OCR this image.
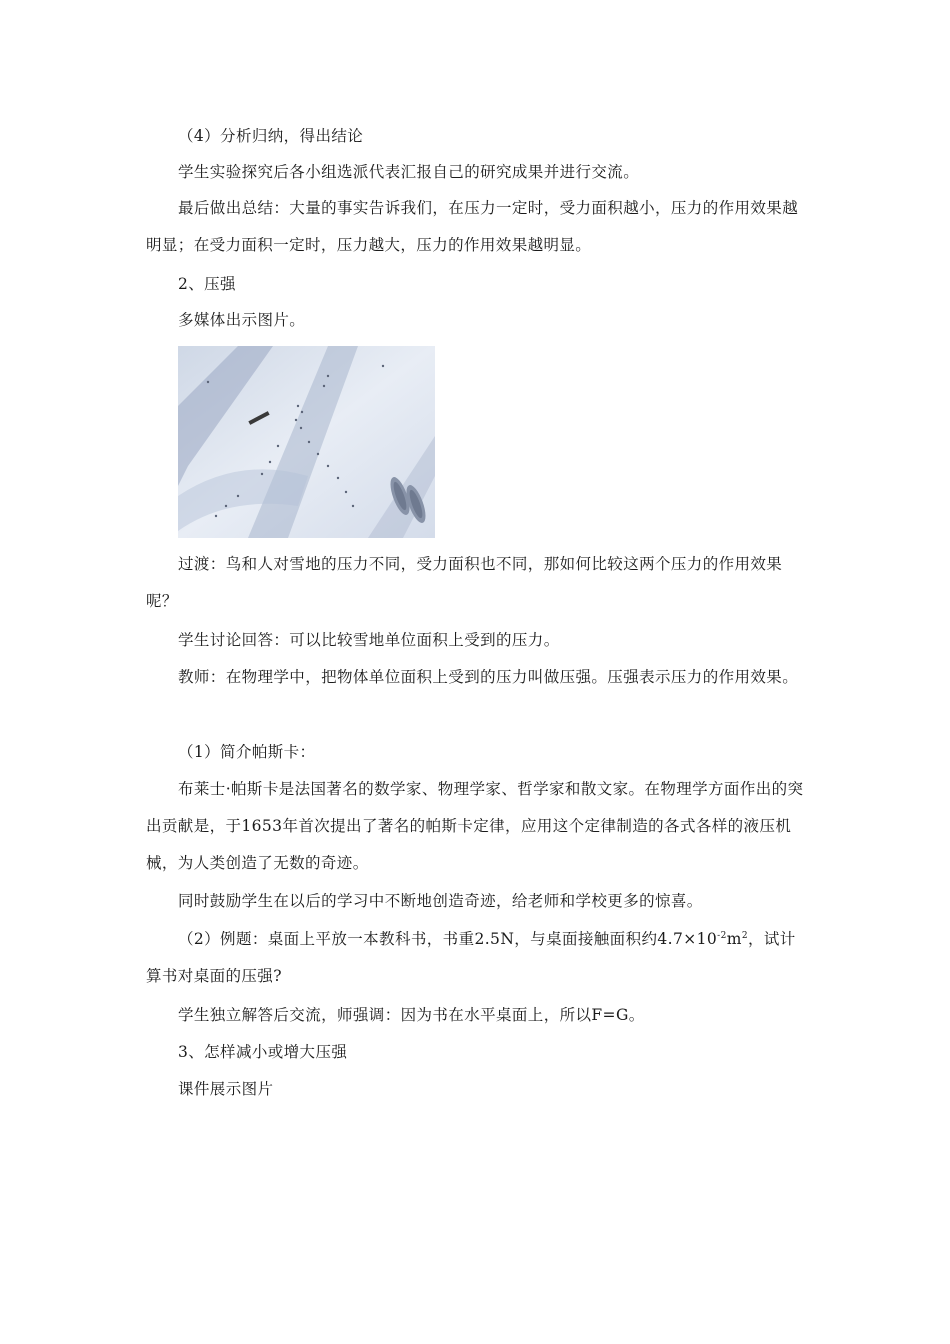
（4）分析归纳，得出结论

学生实验探究后各小组选派代表汇报自己的研究成果并进行交流。

最后做出总结：大量的事实告诉我们，在压力一定时，受力面积越小，压力的作用效果越明显；在受力面积一定时，压力越大，压力的作用效果越明显。

2、压强

多媒体出示图片。

过渡：鸟和人对雪地的压力不同，受力面积也不同，那如何比较这两个压力的作用效果呢？

学生讨论回答：可以比较雪地单位面积上受到的压力。

教师：在物理学中，把物体单位面积上受到的压力叫做压强。压强表示压力的作用效果。

（1）简介帕斯卡：

布莱士·帕斯卡是法国著名的数学家、物理学家、哲学家和散文家。在物理学方面作出的突出贡献是，于1653年首次提出了著名的帕斯卡定律，应用这个定律制造的各式各样的液压机械，为人类创造了无数的奇迹。

同时鼓励学生在以后的学习中不断地创造奇迹，给老师和学校更多的惊喜。

（2）例题：桌面上平放一本教科书，书重2.5N，与桌面接触面积约$4.7\times 10^{-2}m^2$，试计算书对桌面的压强?

学生独立解答后交流，师强调：因为书在水平桌面上，所以F=G。

3、怎样减小或增大压强

课件展示图片
